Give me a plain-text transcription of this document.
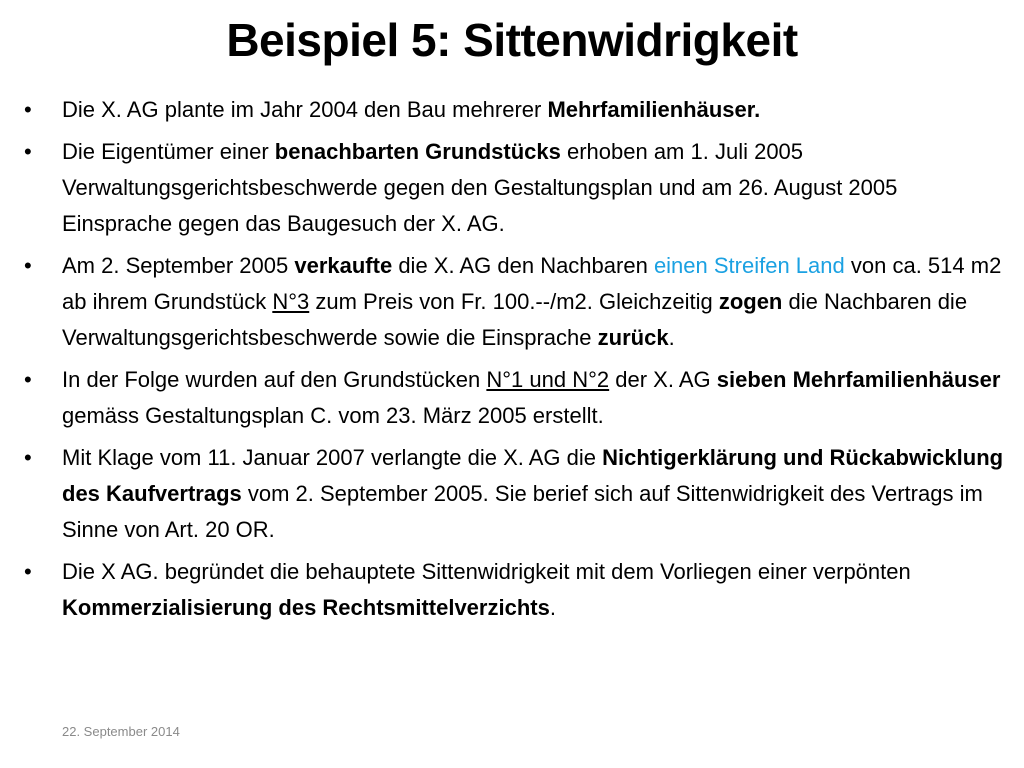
Beispiel 5: Sittenwidrigkeit
• Die X. AG plante im Jahr 2004 den Bau mehrerer Mehrfamilienhäuser.
• Die Eigentümer einer benachbarten Grundstücks erhoben am 1. Juli 2005 Verwaltungsgerichtsbeschwerde gegen den Gestaltungsplan und am 26. August 2005 Einsprache gegen das Baugesuch der X. AG.
• Am 2. September 2005 verkaufte die X. AG den Nachbaren einen Streifen Land von ca. 514 m2 ab ihrem Grundstück N°3 zum Preis von Fr. 100.--/m2. Gleichzeitig zogen die Nachbaren die Verwaltungsgerichtsbeschwerde sowie die Einsprache zurück.
• In der Folge wurden auf den Grundstücken N°1 und N°2 der X. AG sieben Mehrfamilienhäuser gemäss Gestaltungsplan C. vom 23. März 2005 erstellt.
• Mit Klage vom 11. Januar 2007 verlangte die X. AG die Nichtigerklärung und Rückabwicklung des Kaufvertrags vom 2. September 2005. Sie berief sich auf Sittenwidrigkeit des Vertrags im Sinne von Art. 20 OR.
• Die X AG. begründet die behauptete Sittenwidrigkeit mit dem Vorliegen einer verpönten Kommerzialisierung des Rechtsmittelverzichts.
22. September 2014
